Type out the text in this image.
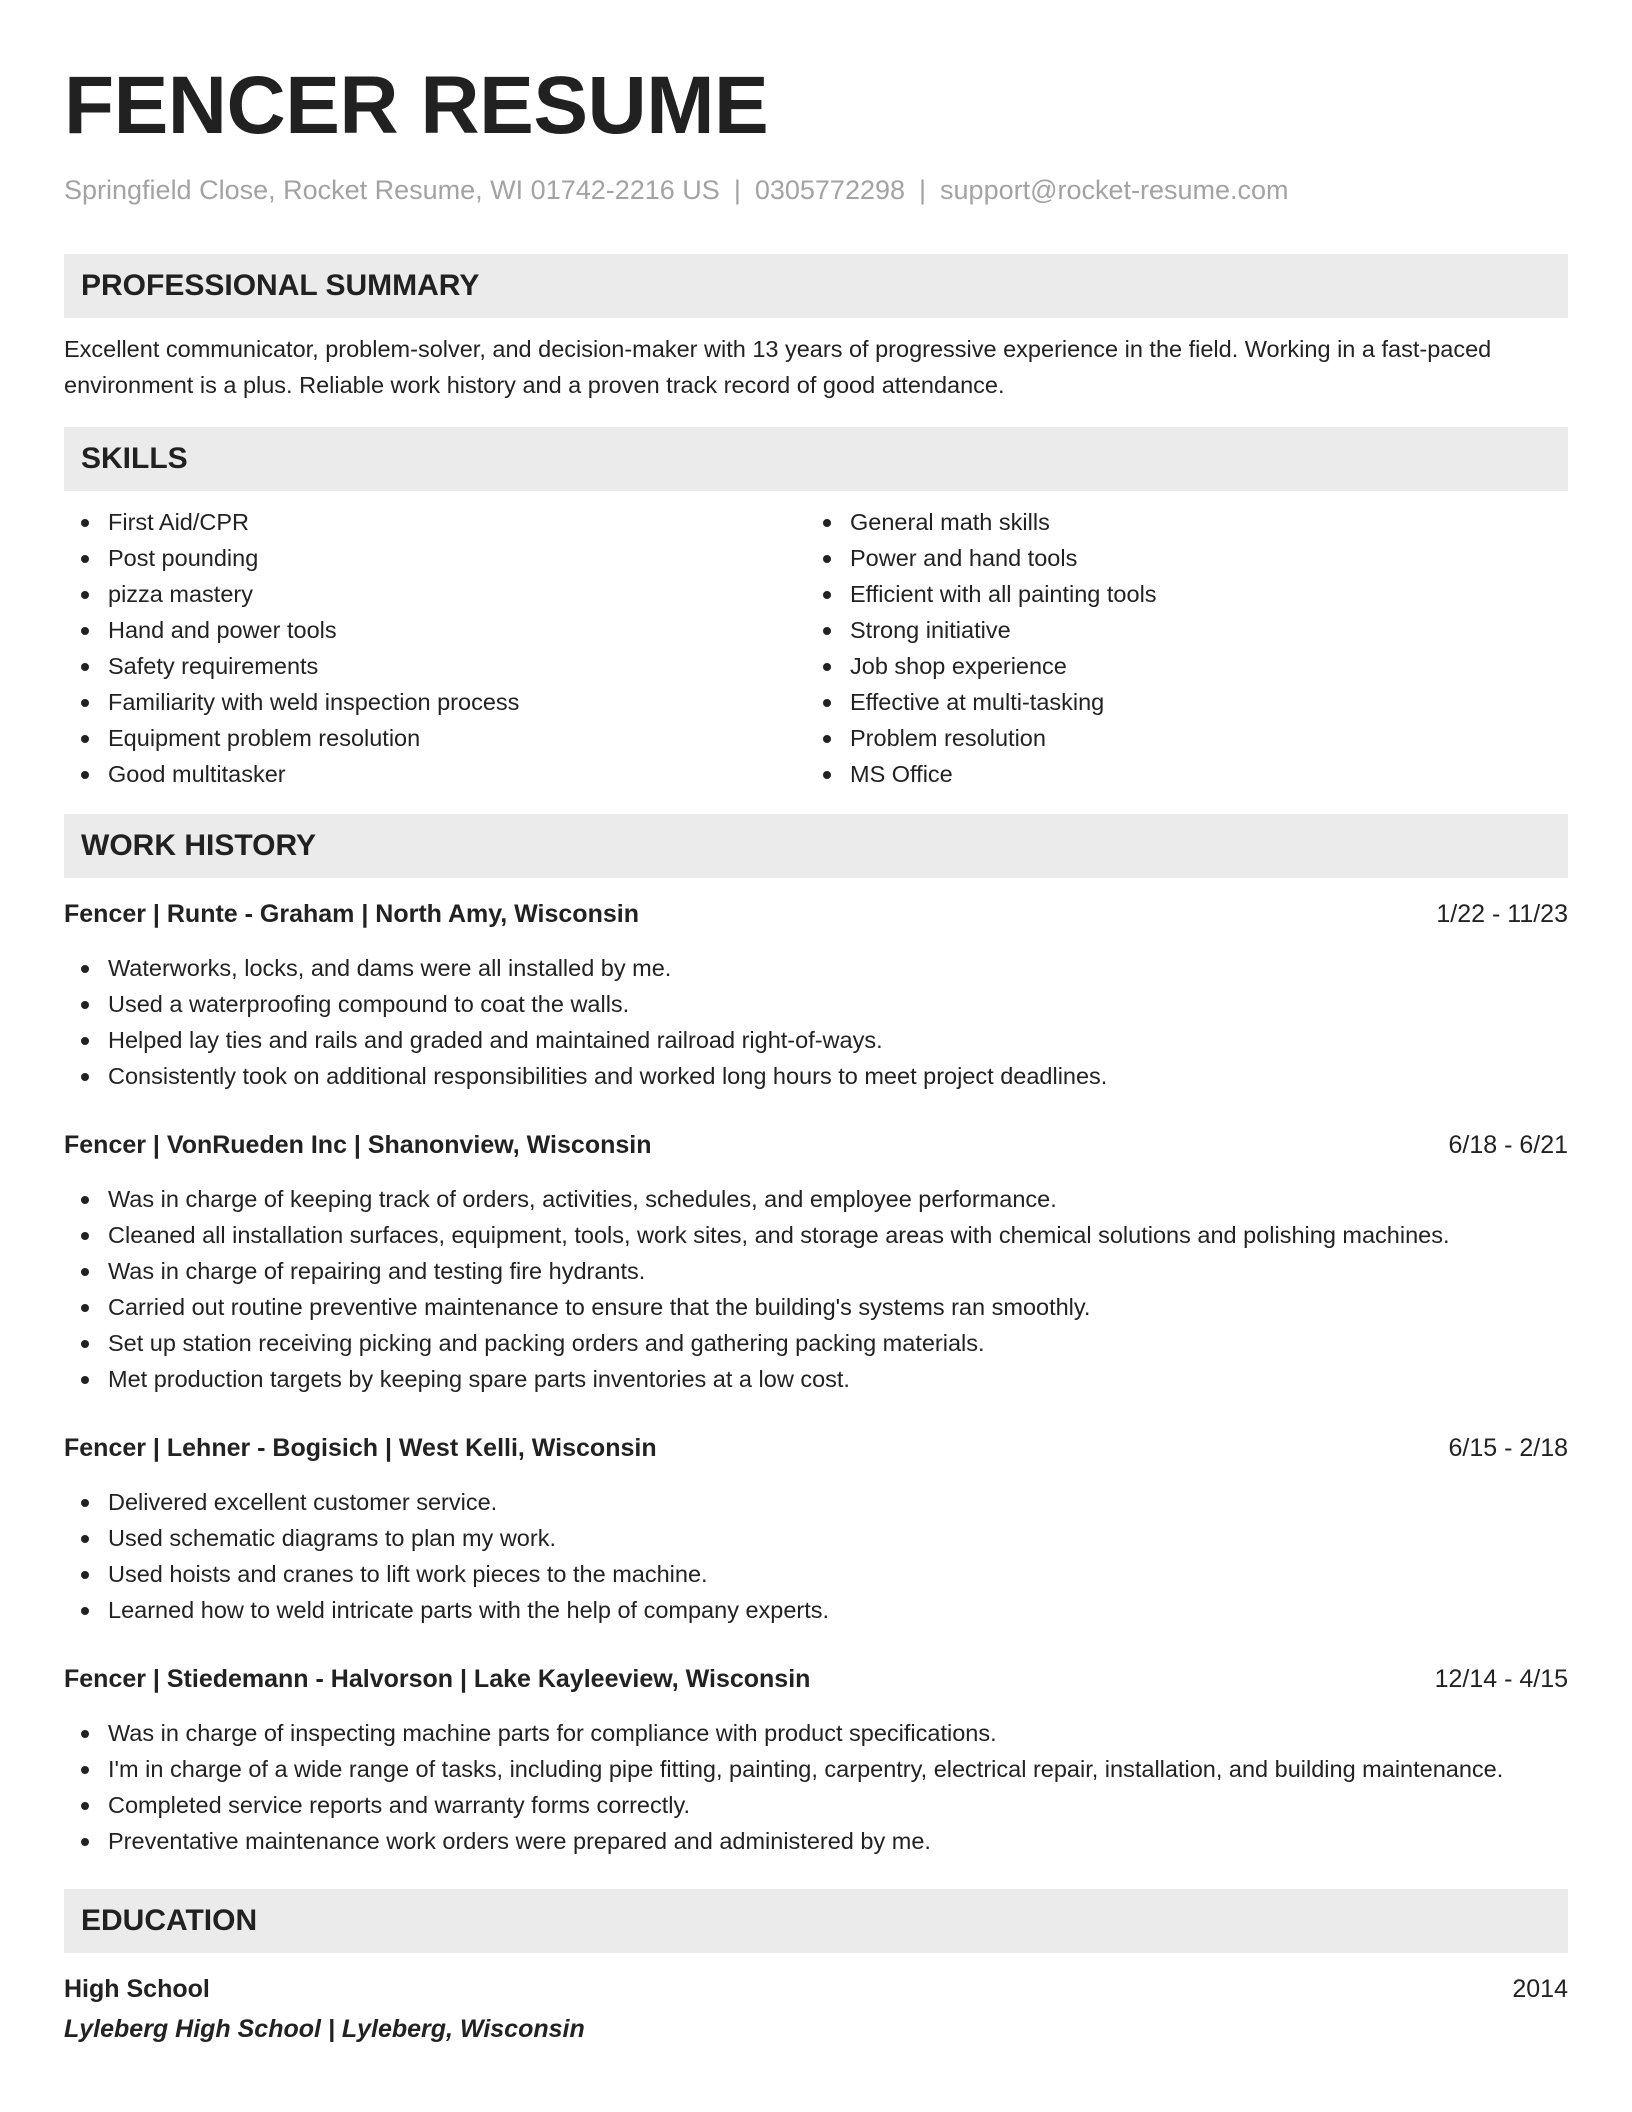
FENCER RESUME
Springfield Close, Rocket Resume, WI 01742-2216 US | 0305772298 | support@rocket-resume.com
PROFESSIONAL SUMMARY

Excellent communicator, problem-solver, and decision-maker with 13 years of progressive experience in the field. Working in a fast-paced environment is a plus. Reliable work history and a proven track record of good attendance.

SKILLS
First Aid/CPR
Post pounding
pizza mastery
Hand and power tools
Safety requirements
Familiarity with weld inspection process
Equipment problem resolution
Good multitasker
General math skills
Power and hand tools
Efficient with all painting tools
Strong initiative
Job shop experience
Effective at multi-tasking
Problem resolution
MS Office
WORK HISTORY
Fencer | Runte - Graham | North Amy, Wisconsin	1/22 - 11/23
Waterworks, locks, and dams were all installed by me.
Used a waterproofing compound to coat the walls.
Helped lay ties and rails and graded and maintained railroad right-of-ways.
Consistently took on additional responsibilities and worked long hours to meet project deadlines.
Fencer | VonRueden Inc | Shanonview, Wisconsin	6/18 - 6/21
Was in charge of keeping track of orders, activities, schedules, and employee performance.
Cleaned all installation surfaces, equipment, tools, work sites, and storage areas with chemical solutions and polishing machines.
Was in charge of repairing and testing fire hydrants.
Carried out routine preventive maintenance to ensure that the building's systems ran smoothly.
Set up station receiving picking and packing orders and gathering packing materials.
Met production targets by keeping spare parts inventories at a low cost.
Fencer | Lehner - Bogisich | West Kelli, Wisconsin	6/15 - 2/18
Delivered excellent customer service.
Used schematic diagrams to plan my work.
Used hoists and cranes to lift work pieces to the machine.
Learned how to weld intricate parts with the help of company experts.
Fencer | Stiedemann - Halvorson | Lake Kayleeview, Wisconsin	12/14 - 4/15
Was in charge of inspecting machine parts for compliance with product specifications.
I'm in charge of a wide range of tasks, including pipe fitting, painting, carpentry, electrical repair, installation, and building maintenance.
Completed service reports and warranty forms correctly.
Preventative maintenance work orders were prepared and administered by me.
EDUCATION
High School	2014
Lyleberg High School | Lyleberg, Wisconsin
